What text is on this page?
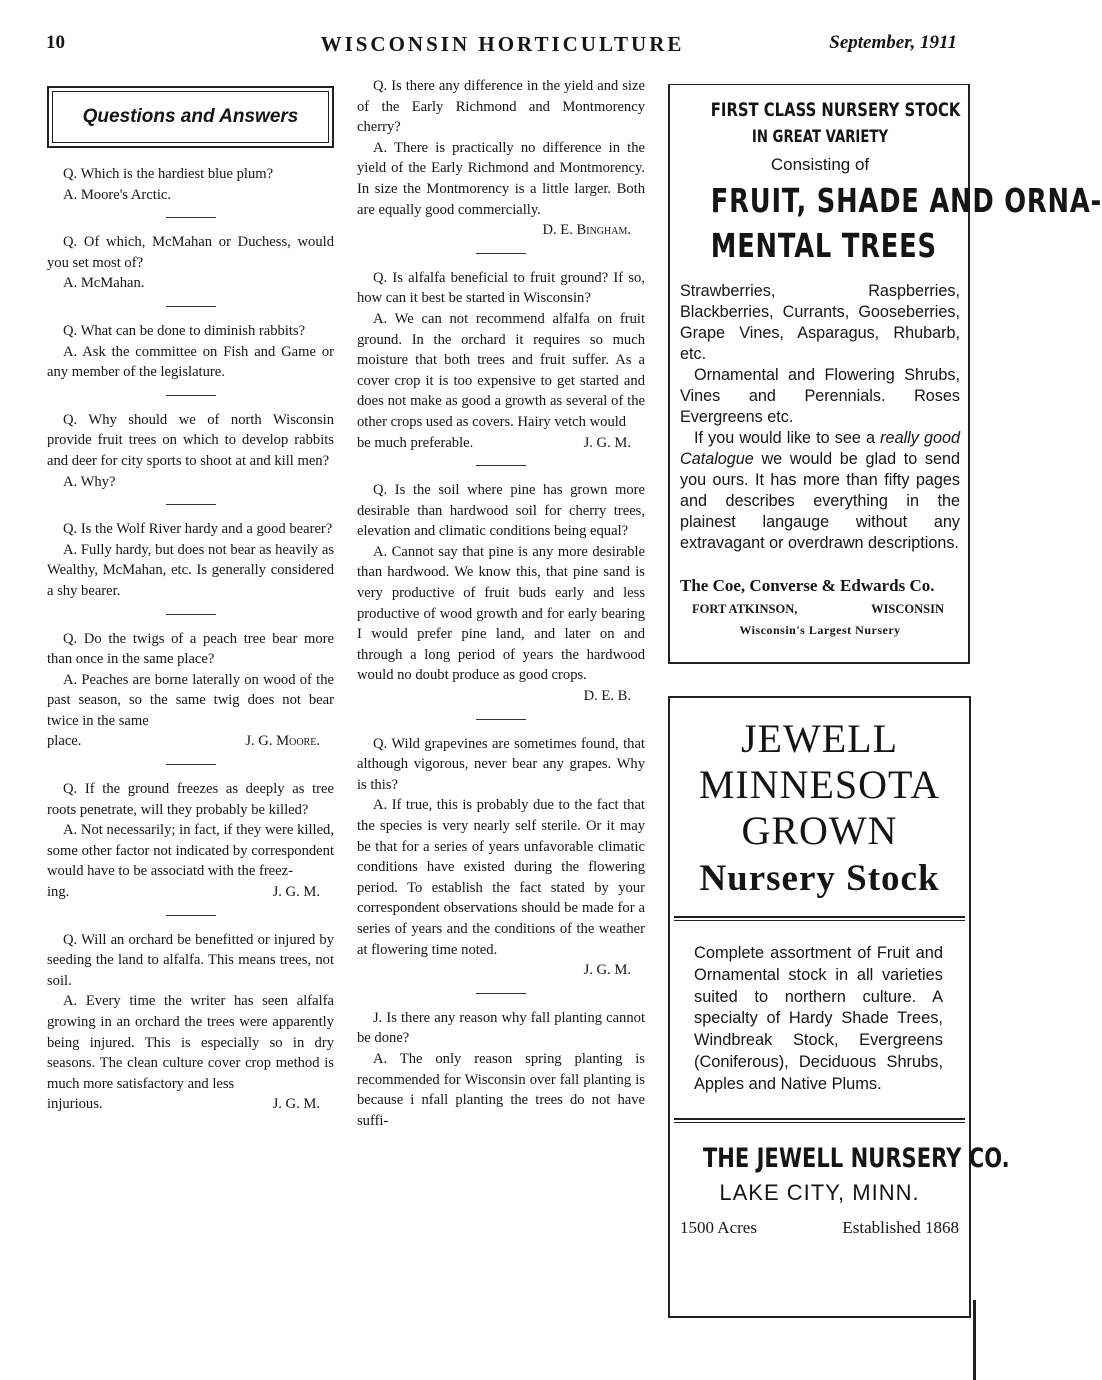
10	WISCONSIN HORTICULTURE	September, 1911
Questions and Answers

Q. Which is the hardiest blue plum?

A. Moore's Arctic.

Q. Of which, McMahan or Duchess, would you set most of?

A. McMahan.

Q. What can be done to diminish rabbits?

A. Ask the committee on Fish and Game or any member of the legislature.

Q. Why should we of north Wisconsin provide fruit trees on which to develop rabbits and deer for city sports to shoot at and kill men?

A. Why?

Q. Is the Wolf River hardy and a good bearer?

A. Fully hardy, but does not bear as heavily as Wealthy, McMahan, etc. Is generally considered a shy bearer.

Q. Do the twigs of a peach tree bear more than once in the same place?

A. Peaches are borne laterally on wood of the past season, so the same twig does not bear twice in the same

place.	J. G. Moore.

Q. If the ground freezes as deeply as tree roots penetrate, will they probably be killed?

A. Not necessarily; in fact, if they were killed, some other factor not indicated by correspondent would have to be associatd with the freez-

ing.	J. G. M.

Q. Will an orchard be benefitted or injured by seeding the land to alfalfa. This means trees, not soil.

A. Every time the writer has seen alfalfa growing in an orchard the trees were apparently being injured. This is especially so in dry seasons. The clean culture cover crop method is much more satisfactory and less

injurious.	J. G. M.

Q. Is there any difference in the yield and size of the Early Richmond and Montmorency cherry?

A. There is practically no difference in the yield of the Early Richmond and Montmorency. In size the Montmorency is a little larger. Both are equally good commercially.

D. E. Bingham.

Q. Is alfalfa beneficial to fruit ground? If so, how can it best be started in Wisconsin?

A. We can not recommend alfalfa on fruit ground. In the orchard it requires so much moisture that both trees and fruit suffer. As a cover crop it is too expensive to get started and does not make as good a growth as several of the other crops used as covers. Hairy vetch would

be much preferable.	J. G. M.

Q. Is the soil where pine has grown more desirable than hardwood soil for cherry trees, elevation and climatic conditions being equal?

A. Cannot say that pine is any more desirable than hardwood. We know this, that pine sand is very productive of fruit buds early and less productive of wood growth and for early bearing I would prefer pine land, and later on and through a long period of years the hardwood would no doubt produce as good crops.

D. E. B.

Q. Wild grapevines are sometimes found, that although vigorous, never bear any grapes. Why is this?

A. If true, this is probably due to the fact that the species is very nearly self sterile. Or it may be that for a series of years unfavorable climatic conditions have existed during the flowering period. To establish the fact stated by your correspondent observations should be made for a series of years and the conditions of the weather at flowering time noted.

J. G. M.

J. Is there any reason why fall planting cannot be done?

A. The only reason spring planting is recommended for Wisconsin over fall planting is because i nfall planting the trees do not have suffi-

FIRST CLASS NURSERY STOCK
IN GREAT VARIETY
Consisting of
FRUIT, SHADE AND ORNA-
MENTAL TREES

Strawberries, Raspberries, Blackberries, Currants, Gooseberries, Grape Vines, Asparagus, Rhubarb, etc.

Ornamental and Flowering Shrubs, Vines and Perennials. Roses Evergreens etc.

If you would like to see a really good Catalogue we would be glad to send you ours. It has more than fifty pages and describes everything in the plainest langauge without any extravagant or overdrawn descriptions.

The Coe, Converse & Edwards Co.
FORT ATKINSON,	WISCONSIN
Wisconsin's Largest Nursery
JEWELL
MINNESOTA
GROWN
Nursery Stock
Complete assortment of Fruit and Ornamental stock in all varieties suited to northern culture. A specialty of Hardy Shade Trees, Windbreak Stock, Evergreens (Coniferous), Deciduous Shrubs, Apples and Native Plums.
THE JEWELL NURSERY CO.
LAKE CITY, MINN.
1500 Acres	Established 1868
